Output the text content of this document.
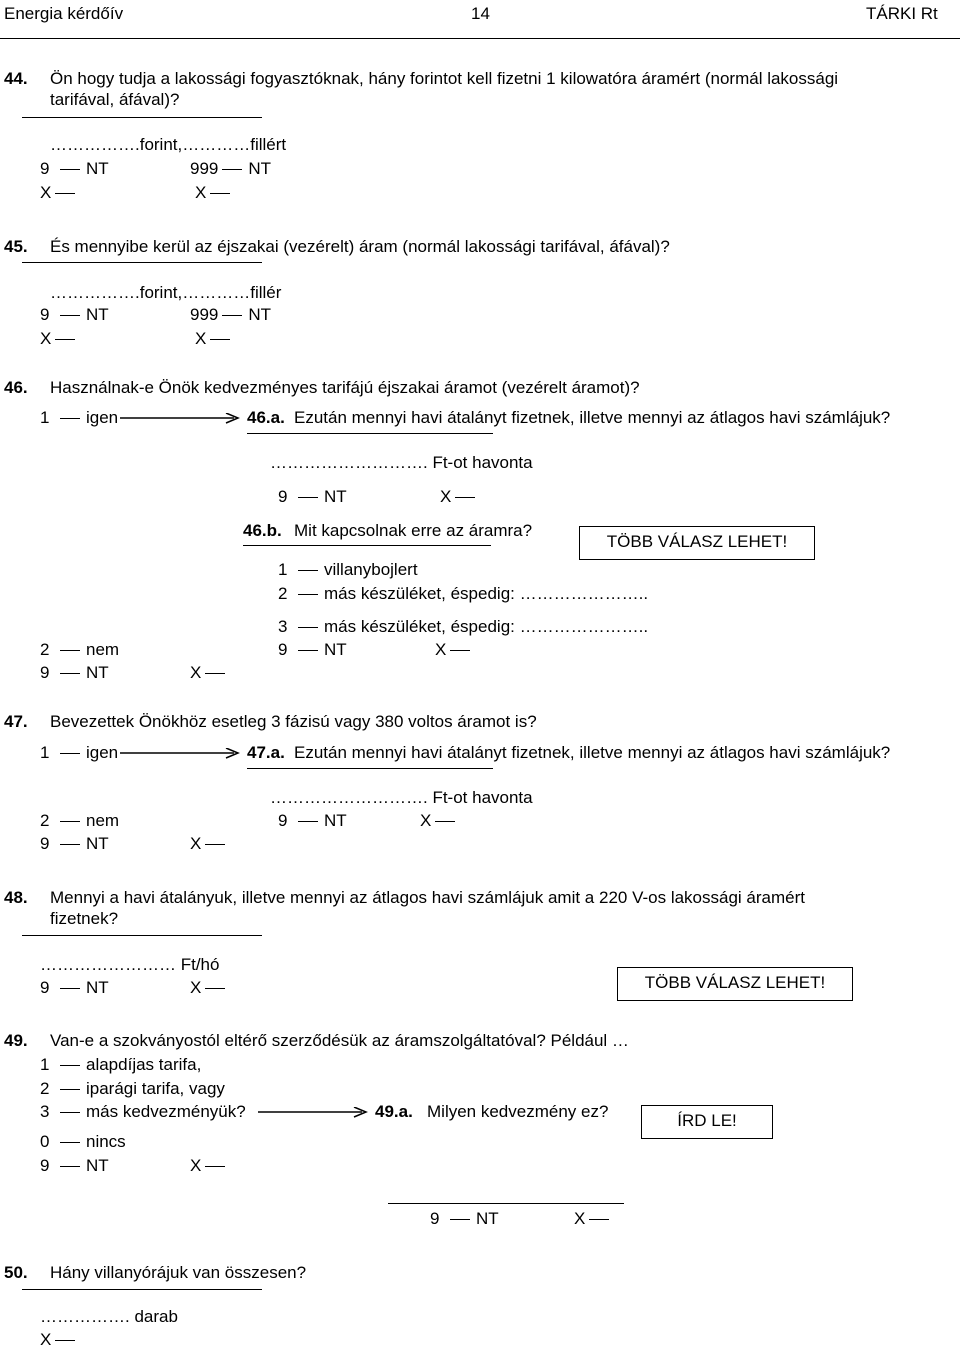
Energia kérdőív	14	TÁRKI Rt
44. Ön hogy tudja a lakossági fogyasztóknak, hány forintot kell fizetni 1 kilowatóra áramért (normál lakossági
tarifával, áfával)?
…………….forint,…………fillért
9 NT	999 NT
X	X
45. És mennyibe kerül az éjszakai (vezérelt) áram (normál lakossági tarifával, áfával)?
…………….forint,…………fillér
9 NT	999 NT
X	X
46. Használnak-e Önök kedvezményes tarifájú éjszakai áramot (vezérelt áramot)?
1 igen	46.a. Ezután mennyi havi átalányt fizetnek, illetve mennyi az átlagos havi számlájuk?
………………………. Ft-ot havonta
9 NT	X
46.b. Mit kapcsolnak erre az áramra?
TÖBB VÁLASZ LEHET!
1 villanybojlert
2 más készüléket, éspedig: …………………..
3 más készüléket, éspedig: …………………..
2 nem	9 NT	X
9 NT	X
47. Bevezettek Önökhöz esetleg 3 fázisú vagy 380 voltos áramot is?
1 igen	47.a. Ezután mennyi havi átalányt fizetnek, illetve mennyi az átlagos havi számlájuk?
………………………. Ft-ot havonta
2 nem	9 NT	X
9 NT	X
48. Mennyi a havi átalányuk, illetve mennyi az átlagos havi számlájuk amit a 220 V-os lakossági áramért
fizetnek?
…………………… Ft/hó
9 NT	X	TÖBB VÁLASZ LEHET!
49. Van-e a szokványostól eltérő szerződésük az áramszolgáltatóval? Például …
1 alapdíjas tarifa,
2 iparági tarifa, vagy
3 más kedvezményük?	49.a. Milyen kedvezmény ez?	ÍRD LE!
0 nincs
9 NT	X
9 NT	X
50. Hány villanyórájuk van összesen?
……………. darab
X
